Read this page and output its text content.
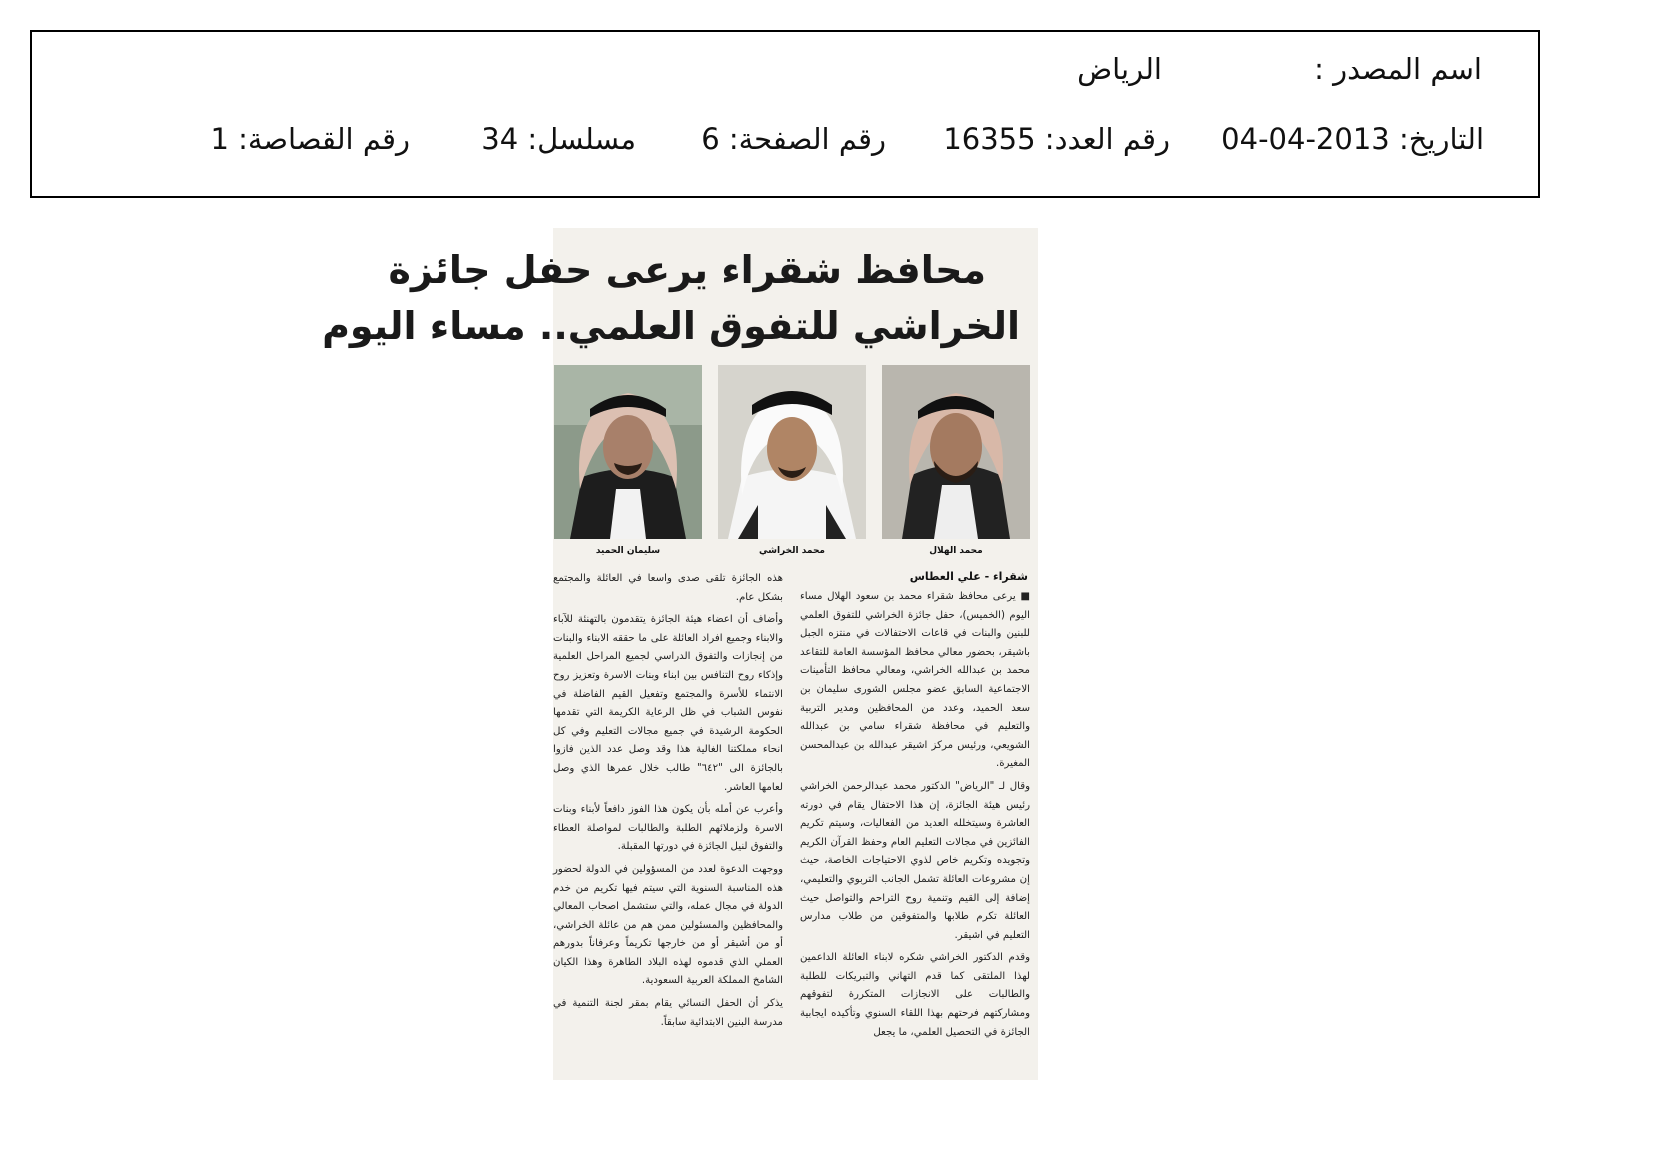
اسم المصدر :
الرياض
التاريخ: 2013-04-04
رقم العدد: 16355
رقم الصفحة: 6
مسلسل: 34
رقم القصاصة: 1
محافظ شقراء يرعى حفل جائزة
الخراشي للتفوق العلمي.. مساء اليوم
محمد الهلال
محمد الخراشي
سليمان الحميد
شقراء - علي العطاس

■ يرعى محافظ شقراء محمد بن سعود الهلال مساء اليوم (الخميس)، حفل جائزة الخراشي للتفوق العلمي للبنين والبنات في قاعات الاحتفالات في منتزه الجبل باشيقر، بحضور معالي محافظ المؤسسة العامة للتقاعد محمد بن عبدالله الخراشي، ومعالي محافظ التأمينات الاجتماعية السابق عضو مجلس الشورى سليمان بن سعد الحميد، وعدد من المحافظين ومدير التربية والتعليم في محافظة شقراء سامي بن عبدالله الشويعي، ورئيس مركز اشيقر عبدالله بن عبدالمحسن المغيرة.

وقال لـ "الرياض" الدكتور محمد عبدالرحمن الخراشي رئيس هيئة الجائزة، إن هذا الاحتفال يقام في دورته العاشرة وسيتخلله العديد من الفعاليات، وسيتم تكريم الفائزين في مجالات التعليم العام وحفظ القرآن الكريم وتجويده وتكريم خاص لذوي الاحتياجات الخاصة، حيث إن مشروعات العائلة تشمل الجانب التربوي والتعليمي، إضافة إلى القيم وتنمية روح التراحم والتواصل حيث العائلة تكرم طلابها والمتفوقين من طلاب مدارس التعليم في اشيقر.

وقدم الدكتور الخراشي شكره لابناء العائلة الداعمين لهذا الملتقى كما قدم التهاني والتبريكات للطلبة والطالبات على الانجازات المتكررة لتفوقهم ومشاركتهم فرحتهم بهذا اللقاء السنوي وتأكيده ايجابية الجائزة في التحصيل العلمي، ما يجعل

هذه الجائزة تلقى صدى واسعا في العائلة والمجتمع بشكل عام.

وأضاف أن اعضاء هيئة الجائزة يتقدمون بالتهنئة للآباء والابناء وجميع افراد العائلة على ما حققه الابناء والبنات من إنجازات والتفوق الدراسي لجميع المراحل العلمية وإذكاء روح التنافس بين ابناء وبنات الاسرة وتعزيز روح الانتماء للأسرة والمجتمع وتفعيل القيم الفاضلة في نفوس الشباب في ظل الرعاية الكريمة التي تقدمها الحكومة الرشيدة في جميع مجالات التعليم وفي كل انحاء مملكتنا الغالية هذا وقد وصل عدد الذين فازوا بالجائزة الى "٦٤٢" طالب خلال عمرها الذي وصل لعامها العاشر.

وأعرب عن أمله بأن يكون هذا الفوز دافعاً لأبناء وبنات الاسرة ولزملائهم الطلبة والطالبات لمواصلة العطاء والتفوق لنيل الجائزة في دورتها المقبلة.

ووجهت الدعوة لعدد من المسؤولين في الدولة لحضور هذه المناسبة السنوية التي سيتم فيها تكريم من خدم الدولة في مجال عمله، والتي ستشمل اصحاب المعالي والمحافظين والمسئولين ممن هم من عائلة الخراشي، أو من أشيقر أو من خارجها تكريماً وعرفاناً بدورهم العملي الذي قدموه لهذه البلاد الطاهرة وهذا الكيان الشامخ المملكة العربية السعودية.

يذكر أن الحفل النسائي يقام بمقر لجنة التنمية في مدرسة البنين الابتدائية سابقاً.
